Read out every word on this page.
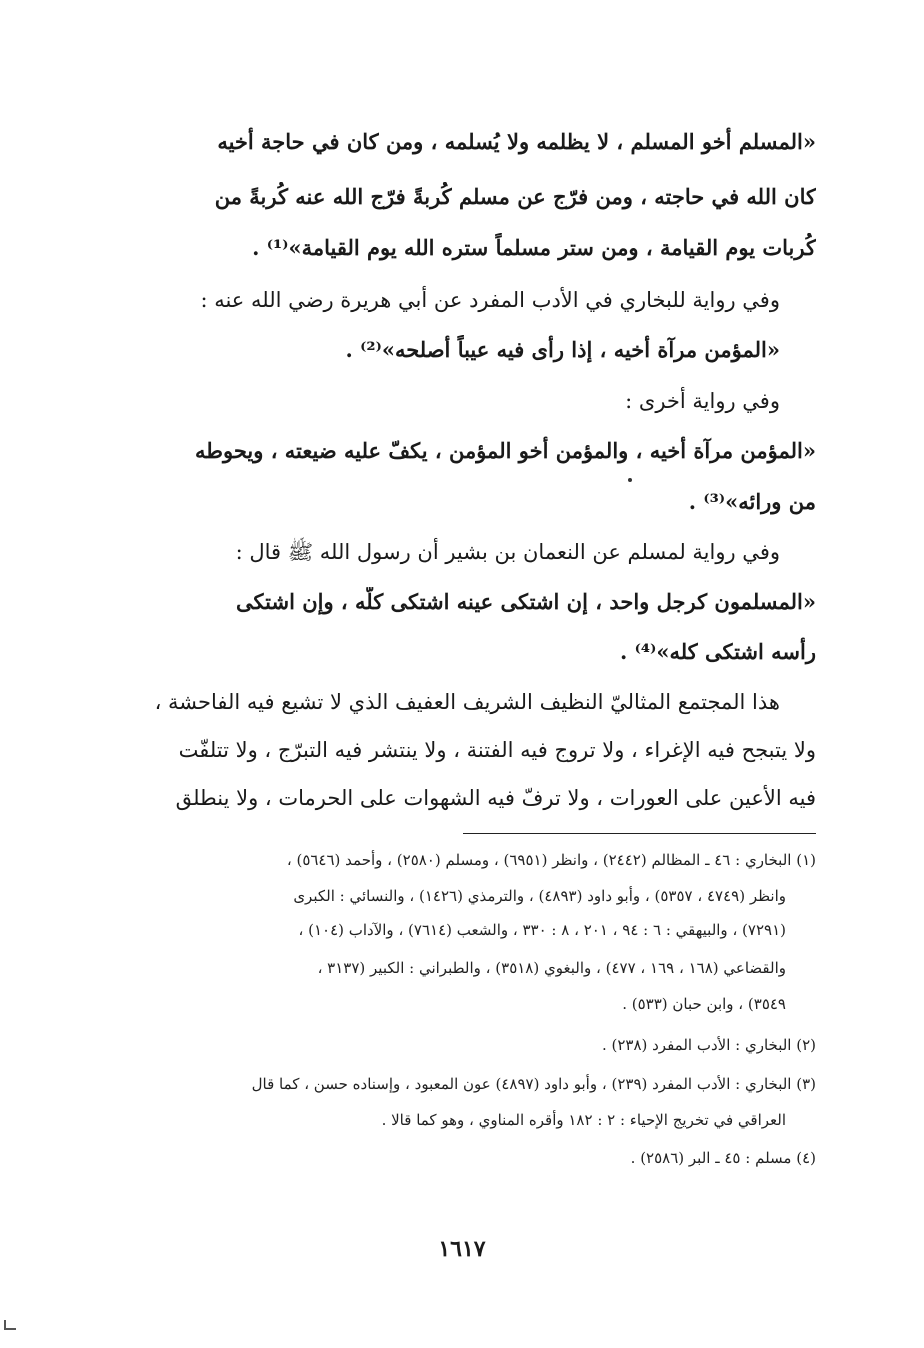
«المسلم أخو المسلم ، لا يظلمه ولا يُسلمه ، ومن كان في حاجة أخيه
كان الله في حاجته ، ومن فرّج عن مسلم كُربةً فرّج الله عنه كُربةً من
كُربات يوم القيامة ، ومن ستر مسلماً ستره الله يوم القيامة»⁽¹⁾ .
وفي رواية للبخاري في الأدب المفرد عن أبي هريرة رضي الله عنه :
«المؤمن مرآة أخيه ، إذا رأى فيه عيباً أصلحه»⁽²⁾ .
وفي رواية أخرى :
«المؤمن مرآة أخيه ، والمؤمن أخو المؤمن ، يكفّ عليه ضيعته ، ويحوطه
من ورائه»⁽³⁾ .
وفي رواية لمسلم عن النعمان بن بشير أن رسول الله ﷺ قال :
«المسلمون كرجل واحد ، إن اشتكى عينه اشتكى كلّه ، وإن اشتكى
رأسه اشتكى كله»⁽⁴⁾ .
هذا المجتمع المثاليّ النظيف الشريف العفيف الذي لا تشيع فيه الفاحشة ،
ولا يتبجح فيه الإغراء ، ولا تروج فيه الفتنة ، ولا ينتشر فيه التبرّج ، ولا تتلفّت
فيه الأعين على العورات ، ولا ترفّ فيه الشهوات على الحرمات ، ولا ينطلق
(١) البخاري : ٤٦ ـ المظالم (٢٤٤٢) ، وانظر (٦٩٥١) ، ومسلم (٢٥٨٠) ، وأحمد (٥٦٤٦) ،
وانظر (٤٧٤٩ ، ٥٣٥٧) ، وأبو داود (٤٨٩٣) ، والترمذي (١٤٢٦) ، والنسائي : الكبرى
(٧٢٩١) ، والبيهقي : ٦ : ٩٤ ، ٢٠١ ، ٨ : ٣٣٠ ، والشعب (٧٦١٤) ، والآداب (١٠٤) ،
والقضاعي (١٦٨ ، ١٦٩ ، ٤٧٧) ، والبغوي (٣٥١٨) ، والطبراني : الكبير (٣١٣٧ ،
٣٥٤٩) ، وابن حبان (٥٣٣) .
(٢) البخاري : الأدب المفرد (٢٣٨) .
(٣) البخاري : الأدب المفرد (٢٣٩) ، وأبو داود (٤٨٩٧) عون المعبود ، وإسناده حسن ، كما قال
العراقي في تخريج الإحياء : ٢ : ١٨٢ وأقره المناوي ، وهو كما قالا .
(٤) مسلم : ٤٥ ـ البر (٢٥٨٦) .
١٦١٧
